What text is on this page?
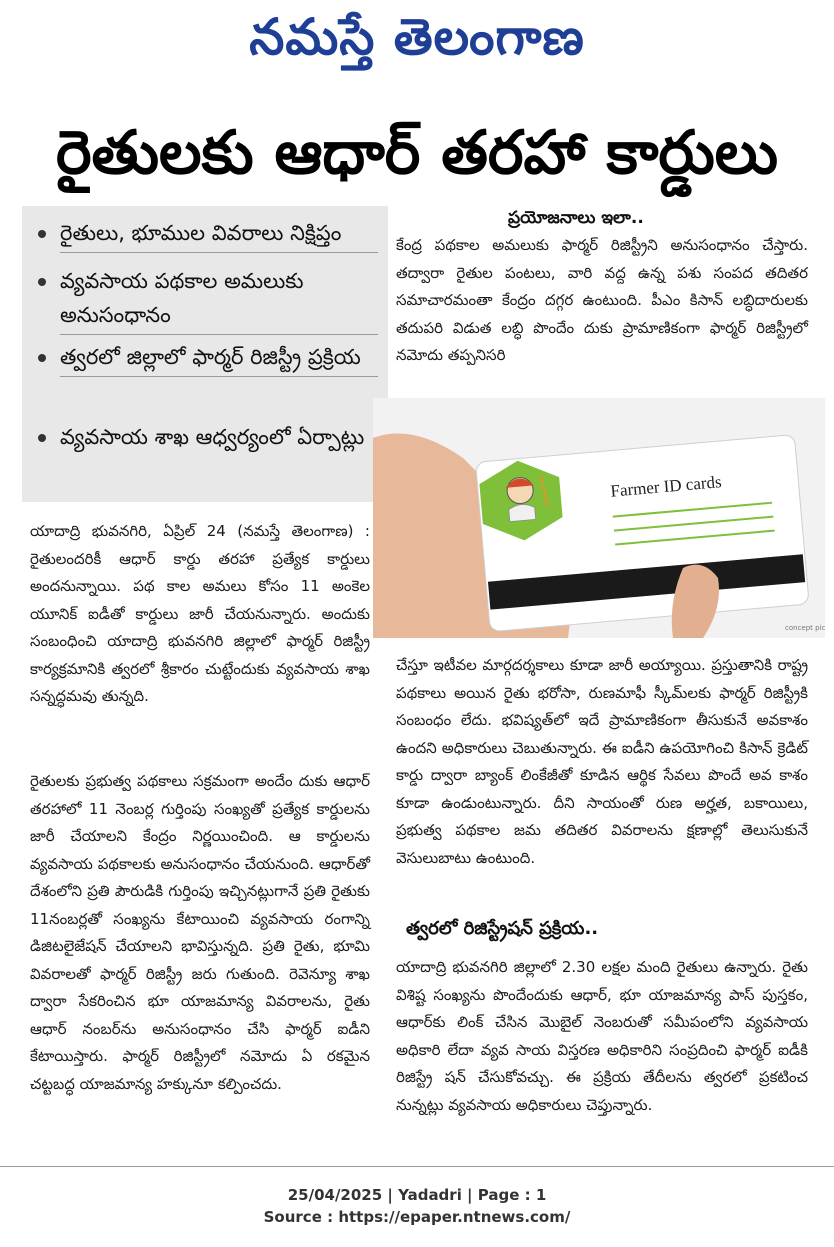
నమస్తే తెలంగాణ
రైతులకు ఆధార్ తరహా కార్డులు
రైతులు, భూముల వివరాలు నిక్షిప్తం
వ్యవసాయ పథకాల అమలుకు అనుసంధానం
త్వరలో జిల్లాలో ఫార్మర్ రిజిస్ట్రీ ప్రక్రియ
వ్యవసాయ శాఖ ఆధ్వర్యంలో ఏర్పాట్లు
ప్రయోజనాలు ఇలా..
కేంద్ర పథకాల అమలుకు ఫార్మర్ రిజిస్ట్రీని అనుసంధానం చేస్తారు. తద్వారా రైతుల పంటలు, వారి వద్ద ఉన్న పశు సంపద తదితర సమాచారమంతా కేంద్రం దగ్గర ఉంటుంది. పీఎం కిసాన్ లబ్ధిదారులకు తదుపరి విడుత లబ్ధి పొందేం దుకు ప్రామాణికంగా ఫార్మర్ రిజిస్ట్రీలో నమోదు తప్పనిసరి
Farmer ID cards
concept pic
యాదాద్రి భువనగిరి, ఏప్రిల్ 24 (నమస్తే తెలంగాణ) : రైతులందరికీ ఆధార్ కార్డు తరహా ప్రత్యేక కార్డులు అందనున్నాయి. పథ కాల అమలు కోసం 11 అంకెల యూనిక్ ఐడీతో కార్డులు జారీ చేయనున్నారు. అందుకు సంబంధించి యాదాద్రి భువనగిరి జిల్లాలో ఫార్మర్ రిజిస్ట్రీ కార్యక్రమానికి త్వరలో శ్రీకారం చుట్టేందుకు వ్యవసాయ శాఖ సన్నద్ధమవు తున్నది.
రైతులకు ప్రభుత్వ పథకాలు సక్రమంగా అందేం దుకు ఆధార్ తరహాలో 11 నెంబర్ల గుర్తింపు సంఖ్యతో ప్రత్యేక కార్డులను జారీ చేయాలని కేంద్రం నిర్ణయించింది. ఆ కార్డులను వ్యవసాయ పథకాలకు అనుసంధానం చేయనుంది. ఆధార్‌తో దేశంలోని ప్రతి పౌరుడికి గుర్తింపు ఇచ్చినట్లుగానే ప్రతి రైతుకు 11నంబర్లతో సంఖ్యను కేటాయించి వ్యవసాయ రంగాన్ని డిజిటలైజేషన్ చేయాలని భావిస్తున్నది. ప్రతి రైతు, భూమి వివరాలతో ఫార్మర్ రిజిస్ట్రీ జరు గుతుంది. రెవెన్యూ శాఖ ద్వారా సేకరించిన భూ యాజమాన్య వివరాలను, రైతు ఆధార్ నంబర్‌ను అనుసంధానం చేసి ఫార్మర్ ఐడీని కేటాయిస్తారు. ఫార్మర్ రిజిస్ట్రీలో నమోదు ఏ రకమైన చట్టబద్ధ యాజమాన్య హక్కునూ కల్పించదు.
చేస్తూ ఇటీవల మార్గదర్శకాలు కూడా జారీ అయ్యాయి. ప్రస్తుతానికి రాష్ట్ర పథకాలు అయిన రైతు భరోసా, రుణమాఫీ స్కీమ్‌లకు ఫార్మర్ రిజిస్ట్రీకి సంబంధం లేదు. భవిష్యత్‌లో ఇదే ప్రామాణికంగా తీసుకునే అవకాశం ఉందని అధికారులు చెబుతున్నారు. ఈ ఐడీని ఉపయోగించి కిసాన్ క్రెడిట్ కార్డు ద్వారా బ్యాంక్ లింకేజీతో కూడిన ఆర్థిక సేవలు పొందే అవ కాశం కూడా ఉండుంటున్నారు. దీని సాయంతో రుణ అర్హత, బకాయిలు, ప్రభుత్వ పథకాల జమ తదితర వివరాలను క్షణాల్లో తెలుసుకునే వెసులుబాటు ఉంటుంది.
త్వరలో రిజిస్ట్రేషన్ ప్రక్రియ..
యాదాద్రి భువనగిరి జిల్లాలో 2.30 లక్షల మంది రైతులు ఉన్నారు. రైతు విశిష్ట సంఖ్యను పొందేందుకు ఆధార్, భూ యాజమాన్య పాస్ పుస్తకం, ఆధార్‌కు లింక్ చేసిన మొబైల్ నెంబరుతో సమీపంలోని వ్యవసాయ అధికారి లేదా వ్యవ సాయ విస్తరణ అధికారిని సంప్రదించి ఫార్మర్ ఐడీకి రిజిస్ట్రే షన్ చేసుకోవచ్చు. ఈ ప్రక్రియ తేదీలను త్వరలో ప్రకటించ నున్నట్లు వ్యవసాయ అధికారులు చెప్తున్నారు.
25/04/2025 | Yadadri | Page : 1
Source : https://epaper.ntnews.com/
